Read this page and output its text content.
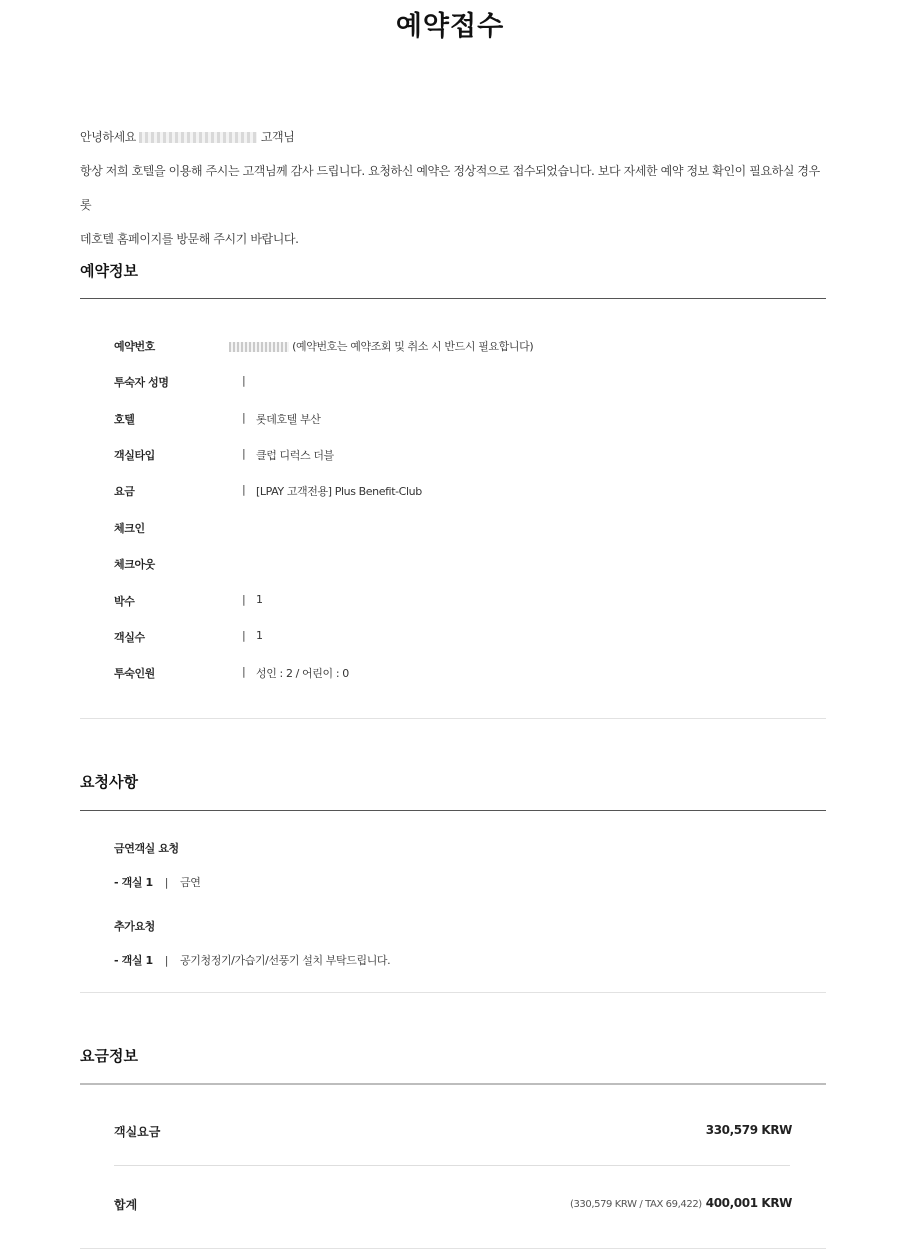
예약접수

안녕하세요	고객님

항상 저희 호텔을 이용해 주시는 고객님께 감사 드립니다. 요청하신 예약은 정상적으로 접수되었습니다. 보다 자세한 예약 정보 확인이 필요하실 경우 롯

데호텔 홈페이지를 방문해 주시기 바랍니다.

예약정보
예약번호	(예약번호는 예약조회 및 취소 시 반드시 필요합니다)
투숙자 성명	|
호텔	| 롯데호텔 부산
객실타입	| 클럽 디럭스 더블
요금	| [LPAY 고객전용] Plus Benefit-Club
체크인
체크아웃
박수	| 1
객실수	| 1
투숙인원	| 성인 : 2 / 어린이 : 0
요청사항
금연객실 요청
- 객실 1 | 금연
추가요청
- 객실 1 | 공기청정기/가습기/선풍기 설치 부탁드립니다.
요금정보
객실요금	330,579 KRW
합계	(330,579 KRW / TAX 69,422) 400,001 KRW
